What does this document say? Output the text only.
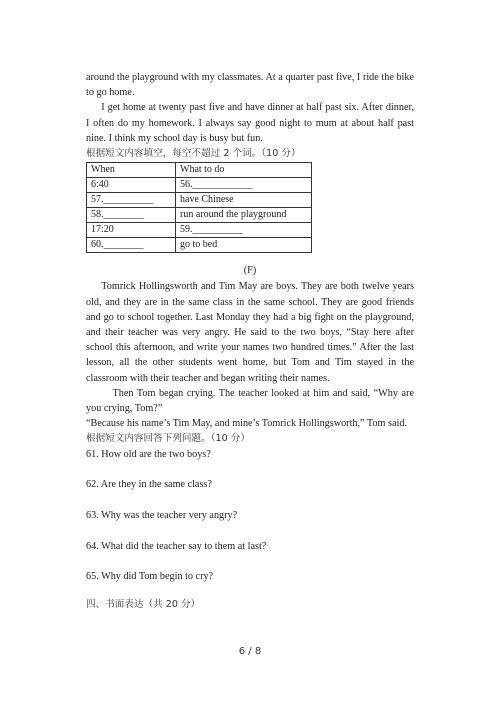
around the playground with my classmates. At a quarter past five, I ride the bike to go home.

I get home at twenty past five and have dinner at half past six. After dinner, I often do my homework. I always say good night to mum at about half past nine. I think my school day is busy but fun.

根据短文内容填空，每空不超过 2 个词。（10 分）

When	What to do
6:40	56.____________
57.__________	have Chinese
58.________	run around the playground
17:20	59.__________
60.________	go to bed

(F)

Tomrick Hollingsworth and Tim May are boys. They are both twelve years old, and they are in the same class in the same school. They are good friends and go to school together. Last Monday they had a big fight on the playground, and their teacher was very angry. He said to the two boys, “Stay here after school this afternoon, and write your names two hundred times.” After the last lesson, all the other students went home, but Tom and Tim stayed in the classroom with their teacher and began writing their names.

Then Tom began crying. The teacher looked at him and said, “Why are you crying, Tom?”

“Because his name’s Tim May, and mine’s Tomrick Hollingsworth,” Tom said.

根据短文内容回答下列问题。（10 分）

61. How old are the two boys?

62. Are they in the same class?

63. Why was the teacher very angry?

64. What did the teacher say to them at last?

65. Why did Tom begin to cry?

四、书面表达（共 20 分）

6 / 8
